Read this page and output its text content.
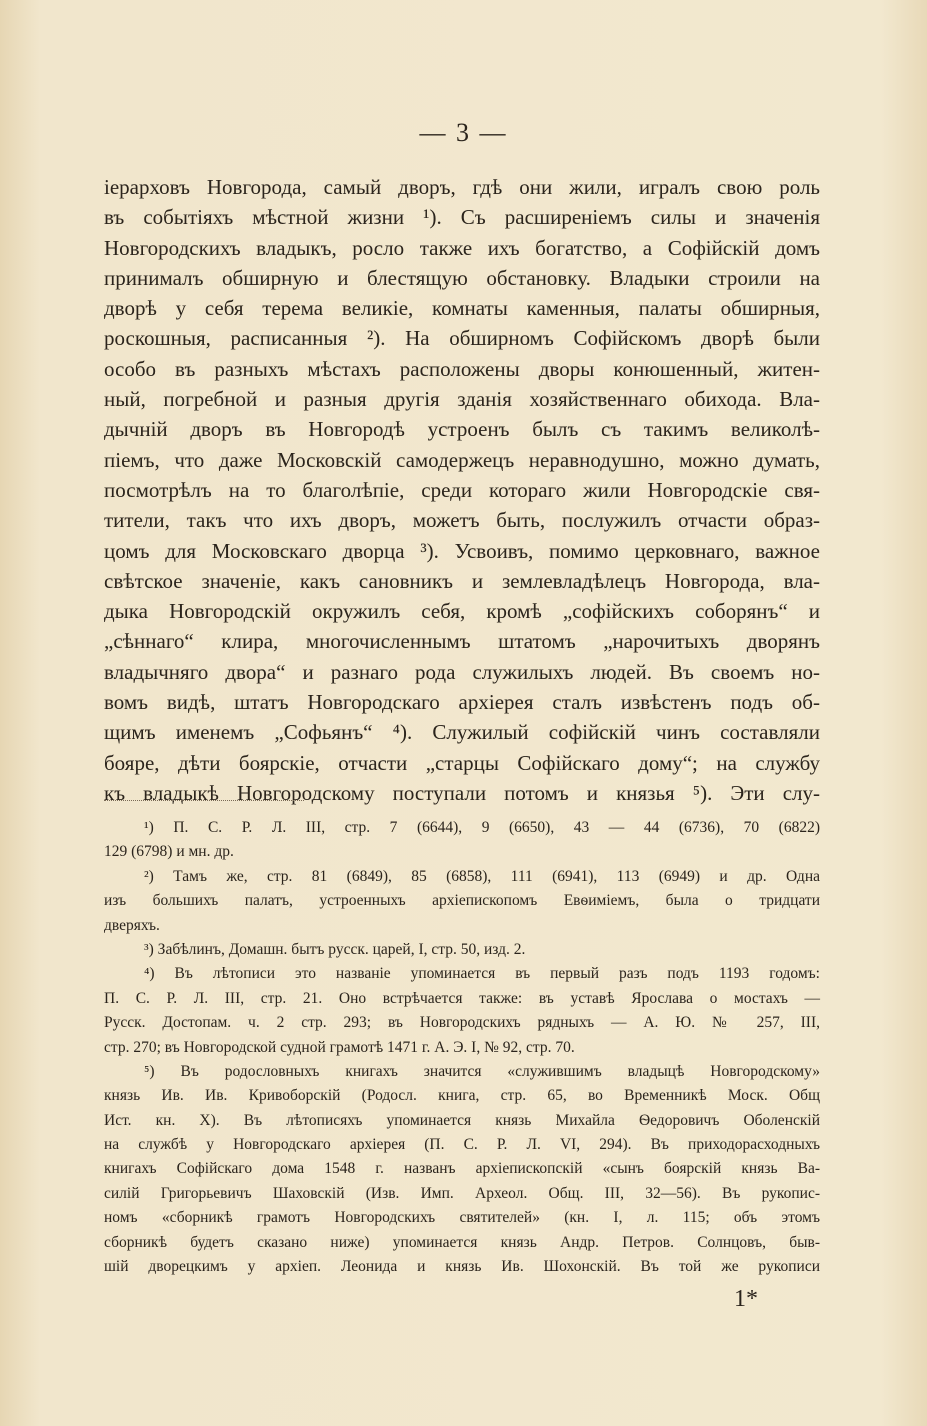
— 3 —
іерарховъ Новгорода, самый дворъ, гдѣ они жили, игралъ свою роль
въ событіяхъ мѣстной жизни ¹). Съ расширеніемъ силы и значенія
Новгородскихъ владыкъ, росло также ихъ богатство, а Софійскій домъ
принималъ обширную и блестящую обстановку. Владыки строили на
дворѣ у себя терема великіе, комнаты каменныя, палаты обширныя,
роскошныя, расписанныя ²). На обширномъ Софійскомъ дворѣ были
особо въ разныхъ мѣстахъ расположены дворы конюшенный, житен-
ный, погребной и разныя другія зданія хозяйственнаго обихода. Вла-
дычній дворъ въ Новгородѣ устроенъ былъ съ такимъ великолѣ-
піемъ, что даже Московскій самодержецъ неравнодушно, можно думать,
посмотрѣлъ на то благолѣпіе, среди котораго жили Новгородскіе свя-
тители, такъ что ихъ дворъ, можетъ быть, послужилъ отчасти образ-
цомъ для Московскаго дворца ³). Усвоивъ, помимо церковнаго, важное
свѣтское значеніе, какъ сановникъ и землевладѣлецъ Новгорода, вла-
дыка Новгородскій окружилъ себя, кромѣ „софійскихъ соборянъ“ и
„сѣннаго“ клира, многочисленнымъ штатомъ „нарочитыхъ дворянъ
владычняго двора“ и разнаго рода служилыхъ людей. Въ своемъ но-
вомъ видѣ, штатъ Новгородскаго архіерея сталъ извѣстенъ подъ об-
щимъ именемъ „Софьянъ“ ⁴). Служилый софійскій чинъ составляли
бояре, дѣти боярскіе, отчасти „старцы Софійскаго дому“; на службу
къ владыкѣ Новгородскому поступали потомъ и князья ⁵). Эти слу-
¹) П. С. Р. Л. III, стр. 7 (6644), 9 (6650), 43 — 44 (6736), 70 (6822)
129 (6798) и мн. др.
²) Тамъ же, стр. 81 (6849), 85 (6858), 111 (6941), 113 (6949) и др. Одна
изъ большихъ палатъ, устроенныхъ архіепископомъ Евѳиміемъ, была о тридцати
дверяхъ.
³) Забѣлинъ, Домашн. бытъ русск. царей, I, стр. 50, изд. 2.
⁴) Въ лѣтописи это названіе упоминается въ первый разъ подъ 1193 годомъ:
П. С. Р. Л. III, стр. 21. Оно встрѣчается также: въ уставѣ Ярослава о мостахъ —
Русск. Достопам. ч. 2 стр. 293; въ Новгородскихъ рядныхъ — А. Ю. № 257, III,
стр. 270; въ Новгородской судной грамотѣ 1471 г. А. Э. I, № 92, стр. 70.
⁵) Въ родословныхъ книгахъ значится «служившимъ владыцѣ Новгородскому»
князь Ив. Ив. Кривоборскій (Родосл. книга, стр. 65, во Временникѣ Моск. Общ
Ист. кн. X). Въ лѣтописяхъ упоминается князь Михайла Ѳедоровичъ Оболенскій
на службѣ у Новгородскаго архіерея (П. С. Р. Л. VI, 294). Въ приходорасходныхъ
книгахъ Софійскаго дома 1548 г. названъ архіепископскій «сынъ боярскій князь Ва-
силій Григорьевичъ Шаховскій (Изв. Имп. Археол. Общ. III, 32—56). Въ рукопис-
номъ «сборникѣ грамотъ Новгородскихъ святителей» (кн. I, л. 115; объ этомъ
сборникѣ будетъ сказано ниже) упоминается князь Андр. Петров. Солнцовъ, быв-
шій дворецкимъ у архіеп. Леонида и князь Ив. Шохонскій. Въ той же рукописи
1*
